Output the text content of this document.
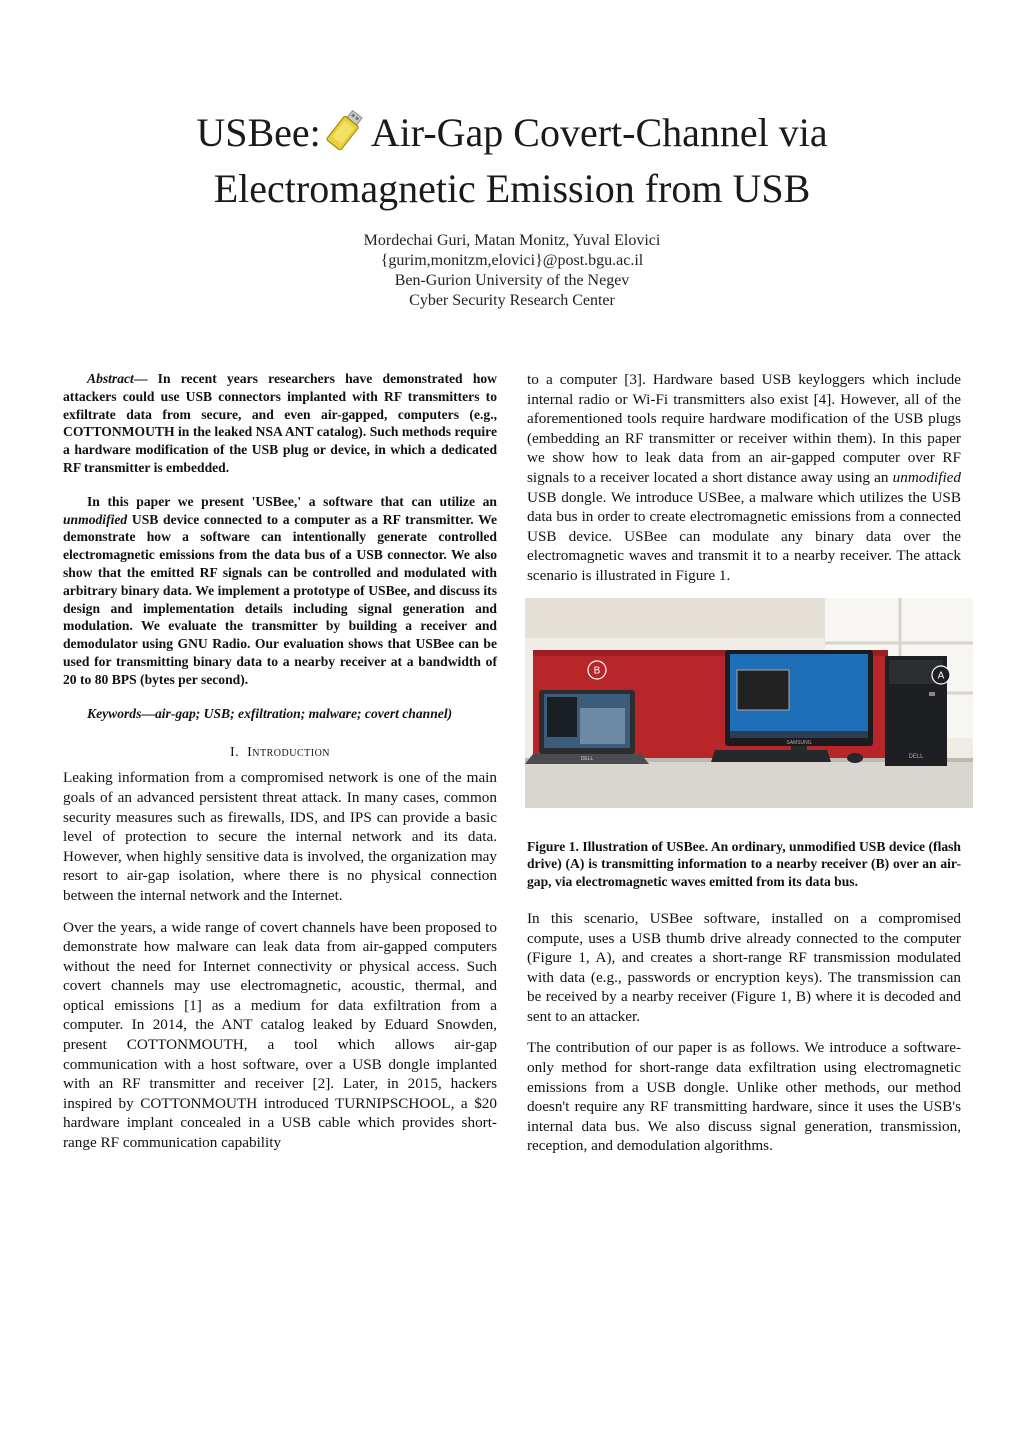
USBee: Air-Gap Covert-Channel via
Electromagnetic Emission from USB
Mordechai Guri, Matan Monitz, Yuval Elovici
{gurim,monitzm,elovici}@post.bgu.ac.il
Ben-Gurion University of the Negev
Cyber Security Research Center

Abstract— In recent years researchers have demonstrated how attackers could use USB connectors implanted with RF transmitters to exfiltrate data from secure, and even air-gapped, computers (e.g., COTTONMOUTH in the leaked NSA ANT catalog). Such methods require a hardware modification of the USB plug or device, in which a dedicated RF transmitter is embedded.

In this paper we present 'USBee,' a software that can utilize an unmodified USB device connected to a computer as a RF transmitter. We demonstrate how a software can intentionally generate controlled electromagnetic emissions from the data bus of a USB connector. We also show that the emitted RF signals can be controlled and modulated with arbitrary binary data. We implement a prototype of USBee, and discuss its design and implementation details including signal generation and modulation. We evaluate the transmitter by building a receiver and demodulator using GNU Radio. Our evaluation shows that USBee can be used for transmitting binary data to a nearby receiver at a bandwidth of 20 to 80 BPS (bytes per second).

Keywords—air-gap; USB; exfiltration; malware; covert channel)

I. Introduction

Leaking information from a compromised network is one of the main goals of an advanced persistent threat attack. In many cases, common security measures such as firewalls, IDS, and IPS can provide a basic level of protection to secure the internal network and its data. However, when highly sensitive data is involved, the organization may resort to air-gap isolation, where there is no physical connection between the internal network and the Internet.

Over the years, a wide range of covert channels have been proposed to demonstrate how malware can leak data from air-gapped computers without the need for Internet connectivity or physical access. Such covert channels may use electromagnetic, acoustic, thermal, and optical emissions [1] as a medium for data exfiltration from a computer. In 2014, the ANT catalog leaked by Eduard Snowden, present COTTONMOUTH, a tool which allows air-gap communication with a host software, over a USB dongle implanted with an RF transmitter and receiver [2]. Later, in 2015, hackers inspired by COTTONMOUTH introduced TURNIPSCHOOL, a $20 hardware implant concealed in a USB cable which provides short-range RF communication capability

to a computer [3]. Hardware based USB keyloggers which include internal radio or Wi-Fi transmitters also exist [4]. However, all of the aforementioned tools require hardware modification of the USB plugs (embedding an RF transmitter or receiver within them). In this paper we show how to leak data from an air-gapped computer over RF signals to a receiver located a short distance away using an unmodified USB dongle. We introduce USBee, a malware which utilizes the USB data bus in order to create electromagnetic emissions from a connected USB device. USBee can modulate any binary data over the electromagnetic waves and transmit it to a nearby receiver. The attack scenario is illustrated in Figure 1.

DELL
SAMSUNG
DELL
B	A

Figure 1. Illustration of USBee. An ordinary, unmodified USB device (flash drive) (A) is transmitting information to a nearby receiver (B) over an air-gap, via electromagnetic waves emitted from its data bus.

In this scenario, USBee software, installed on a compromised compute, uses a USB thumb drive already connected to the computer (Figure 1, A), and creates a short-range RF transmission modulated with data (e.g., passwords or encryption keys). The transmission can be received by a nearby receiver (Figure 1, B) where it is decoded and sent to an attacker.

The contribution of our paper is as follows. We introduce a software-only method for short-range data exfiltration using electromagnetic emissions from a USB dongle. Unlike other methods, our method doesn't require any RF transmitting hardware, since it uses the USB's internal data bus. We also discuss signal generation, transmission, reception, and demodulation algorithms.
